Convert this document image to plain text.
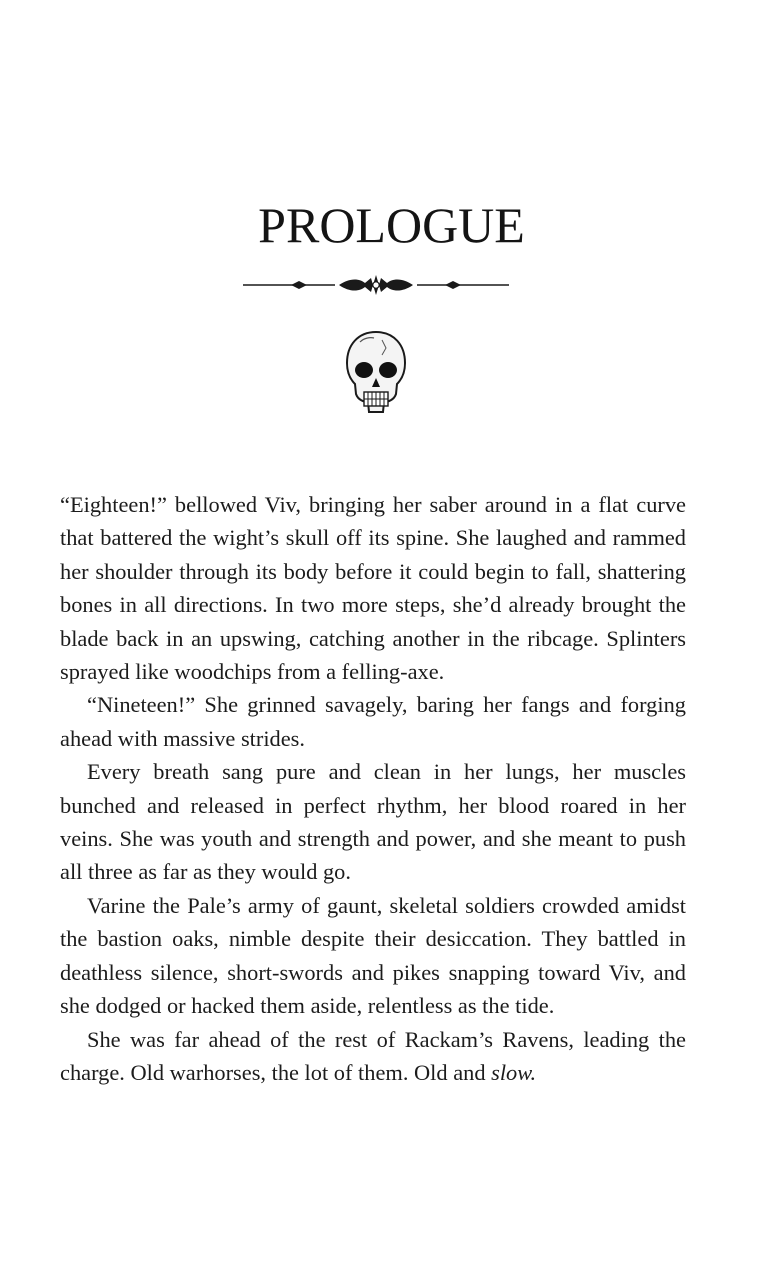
PROLOGUE

“Eighteen!” bellowed Viv, bringing her saber around in a flat curve that battered the wight’s skull off its spine. She laughed and rammed her shoulder through its body before it could begin to fall, shattering bones in all directions. In two more steps, she’d already brought the blade back in an upswing, catching another in the ribcage. Splinters sprayed like woodchips from a felling-axe.

“Nineteen!” She grinned savagely, baring her fangs and forging ahead with massive strides.

Every breath sang pure and clean in her lungs, her muscles bunched and released in perfect rhythm, her blood roared in her veins. She was youth and strength and power, and she meant to push all three as far as they would go.

Varine the Pale’s army of gaunt, skeletal soldiers crowded amidst the bastion oaks, nimble despite their desiccation. They battled in deathless silence, short-swords and pikes snapping toward Viv, and she dodged or hacked them aside, relentless as the tide.

She was far ahead of the rest of Rackam’s Ravens, leading the charge. Old warhorses, the lot of them. Old and slow.
